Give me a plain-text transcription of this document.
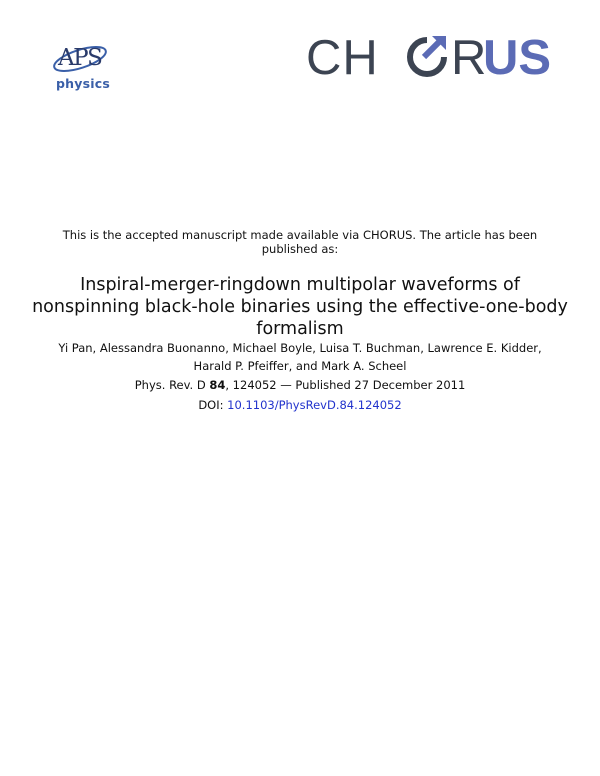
APS
physics	CH R
US
This is the accepted manuscript made available via CHORUS. The article has been published as:
Inspiral-merger-ringdown multipolar waveforms of nonspinning black-hole binaries using the effective-one-body formalism
Yi Pan, Alessandra Buonanno, Michael Boyle, Luisa T. Buchman, Lawrence E. Kidder, Harald P. Pfeiffer, and Mark A. Scheel
Phys. Rev. D 84, 124052 — Published 27 December 2011
DOI: 10.1103/PhysRevD.84.124052
